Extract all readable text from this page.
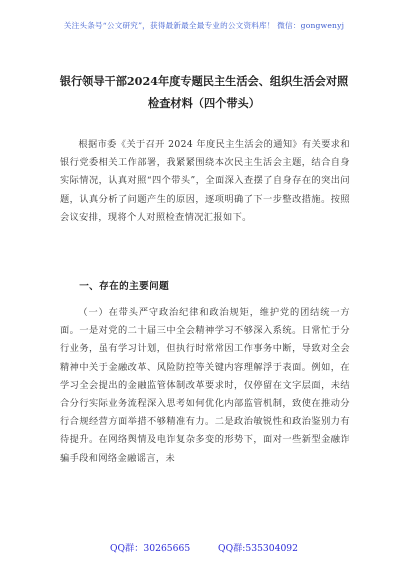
关注头条号“公文研究”，获得最新最全最专业的公文资料库！ 微信：gongwenyj
银行领导干部2024年度专题民主生活会、组织生活会对照
检查材料（四个带头）
根据市委《关于召开 2024 年度民主生活会的通知》有关要求和银行党委相关工作部署，我紧紧围绕本次民主生活会主题，结合自身实际情况，认真对照“四个带头”，全面深入查摆了自身存在的突出问题，认真分析了问题产生的原因，逐项明确了下一步整改措施。按照会议安排，现将个人对照检查情况汇报如下。
一、存在的主要问题
（一）在带头严守政治纪律和政治规矩，维护党的团结统一方面。一是对党的二十届三中全会精神学习不够深入系统。日常忙于分行业务，虽有学习计划，但执行时常常因工作事务中断，导致对全会精神中关于金融改革、风险防控等关键内容理解浮于表面。例如，在学习全会提出的金融监管体制改革要求时，仅停留在文字层面，未结合分行实际业务流程深入思考如何优化内部监管机制，致使在推动分行合规经营方面举措不够精准有力。二是政治敏锐性和政治鉴别力有待提升。在网络舆情及电诈复杂多变的形势下，面对一些新型金融诈骗手段和网络金融谣言，未
QQ群：30265665	QQ群:535304092
